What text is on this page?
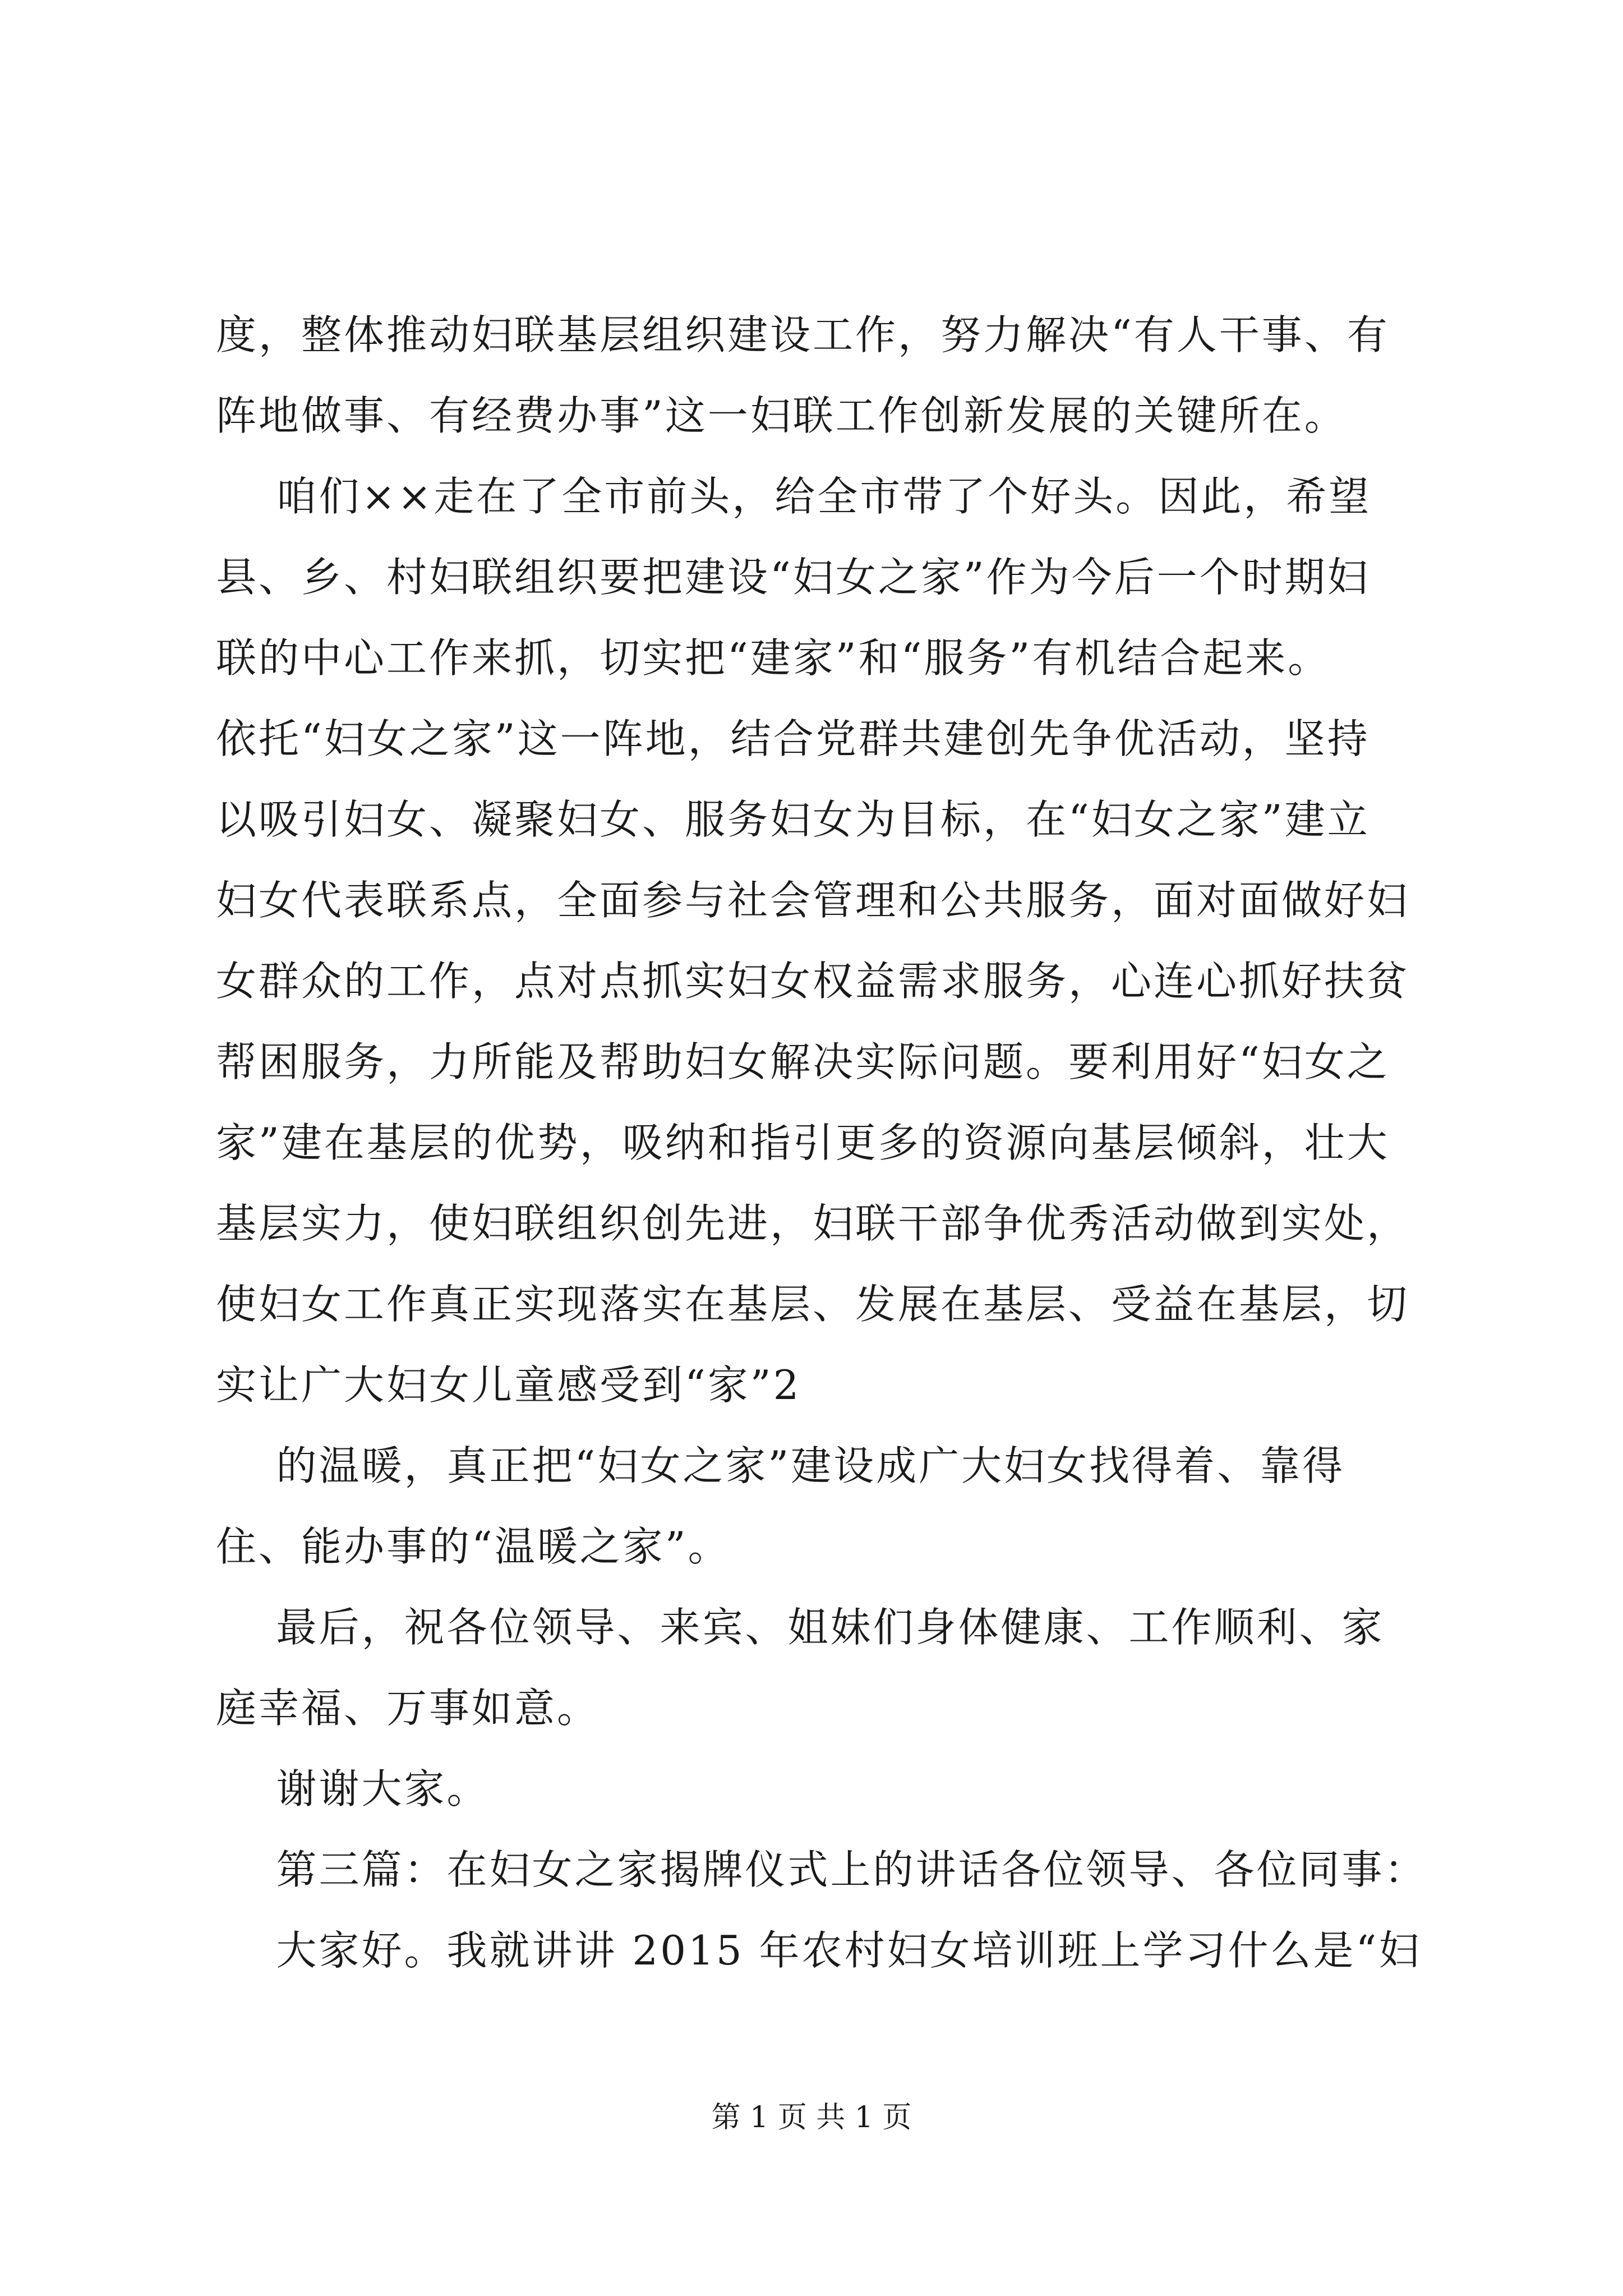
度，整体推动妇联基层组织建设工作，努力解决“有人干事、有
阵地做事、有经费办事”这一妇联工作创新发展的关键所在。
咱们××走在了全市前头，给全市带了个好头。因此，希望
县、乡、村妇联组织要把建设“妇女之家”作为今后一个时期妇
联的中心工作来抓，切实把“建家”和“服务”有机结合起来。
依托“妇女之家”这一阵地，结合党群共建创先争优活动，坚持
以吸引妇女、凝聚妇女、服务妇女为目标，在“妇女之家”建立
妇女代表联系点，全面参与社会管理和公共服务，面对面做好妇
女群众的工作，点对点抓实妇女权益需求服务，心连心抓好扶贫
帮困服务，力所能及帮助妇女解决实际问题。要利用好“妇女之
家”建在基层的优势，吸纳和指引更多的资源向基层倾斜，壮大
基层实力，使妇联组织创先进，妇联干部争优秀活动做到实处，
使妇女工作真正实现落实在基层、发展在基层、受益在基层，切
实让广大妇女儿童感受到“家”2
的温暖，真正把“妇女之家”建设成广大妇女找得着、靠得
住、能办事的“温暖之家”。
最后，祝各位领导、来宾、姐妹们身体健康、工作顺利、家
庭幸福、万事如意。
谢谢大家。
第三篇：在妇女之家揭牌仪式上的讲话各位领导、各位同事：
大家好。我就讲讲 2015 年农村妇女培训班上学习什么是“妇
第 1 页 共 1 页
